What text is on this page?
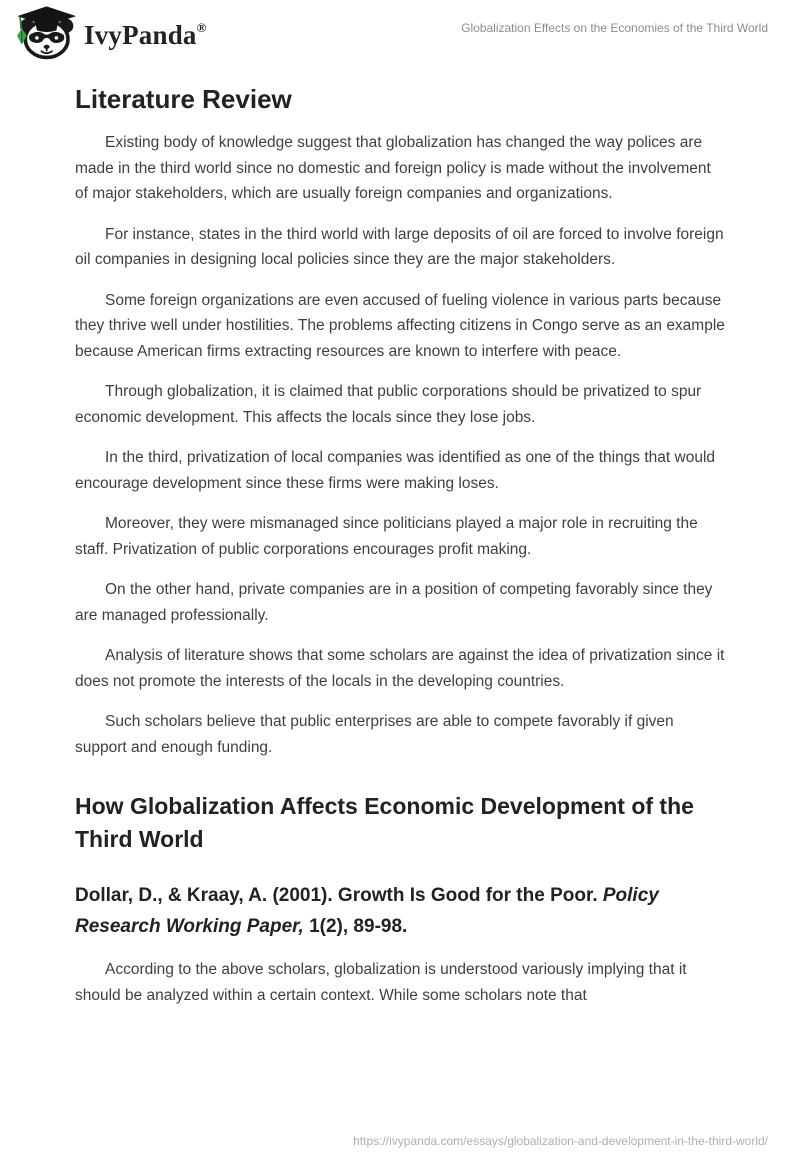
IvyPanda®	Globalization Effects on the Economies of the Third World
Literature Review

Existing body of knowledge suggest that globalization has changed the way polices are made in the third world since no domestic and foreign policy is made without the involvement of major stakeholders, which are usually foreign companies and organizations.

For instance, states in the third world with large deposits of oil are forced to involve foreign oil companies in designing local policies since they are the major stakeholders.

Some foreign organizations are even accused of fueling violence in various parts because they thrive well under hostilities. The problems affecting citizens in Congo serve as an example because American firms extracting resources are known to interfere with peace.

Through globalization, it is claimed that public corporations should be privatized to spur economic development. This affects the locals since they lose jobs.

In the third, privatization of local companies was identified as one of the things that would encourage development since these firms were making loses.

Moreover, they were mismanaged since politicians played a major role in recruiting the staff. Privatization of public corporations encourages profit making.

On the other hand, private companies are in a position of competing favorably since they are managed professionally.

Analysis of literature shows that some scholars are against the idea of privatization since it does not promote the interests of the locals in the developing countries.

Such scholars believe that public enterprises are able to compete favorably if given support and enough funding.

How Globalization Affects Economic Development of the Third World
Dollar, D., & Kraay, A. (2001). Growth Is Good for the Poor. Policy Research Working Paper, 1(2), 89-98.

According to the above scholars, globalization is understood variously implying that it should be analyzed within a certain context. While some scholars note that

https://ivypanda.com/essays/globalization-and-development-in-the-third-world/
